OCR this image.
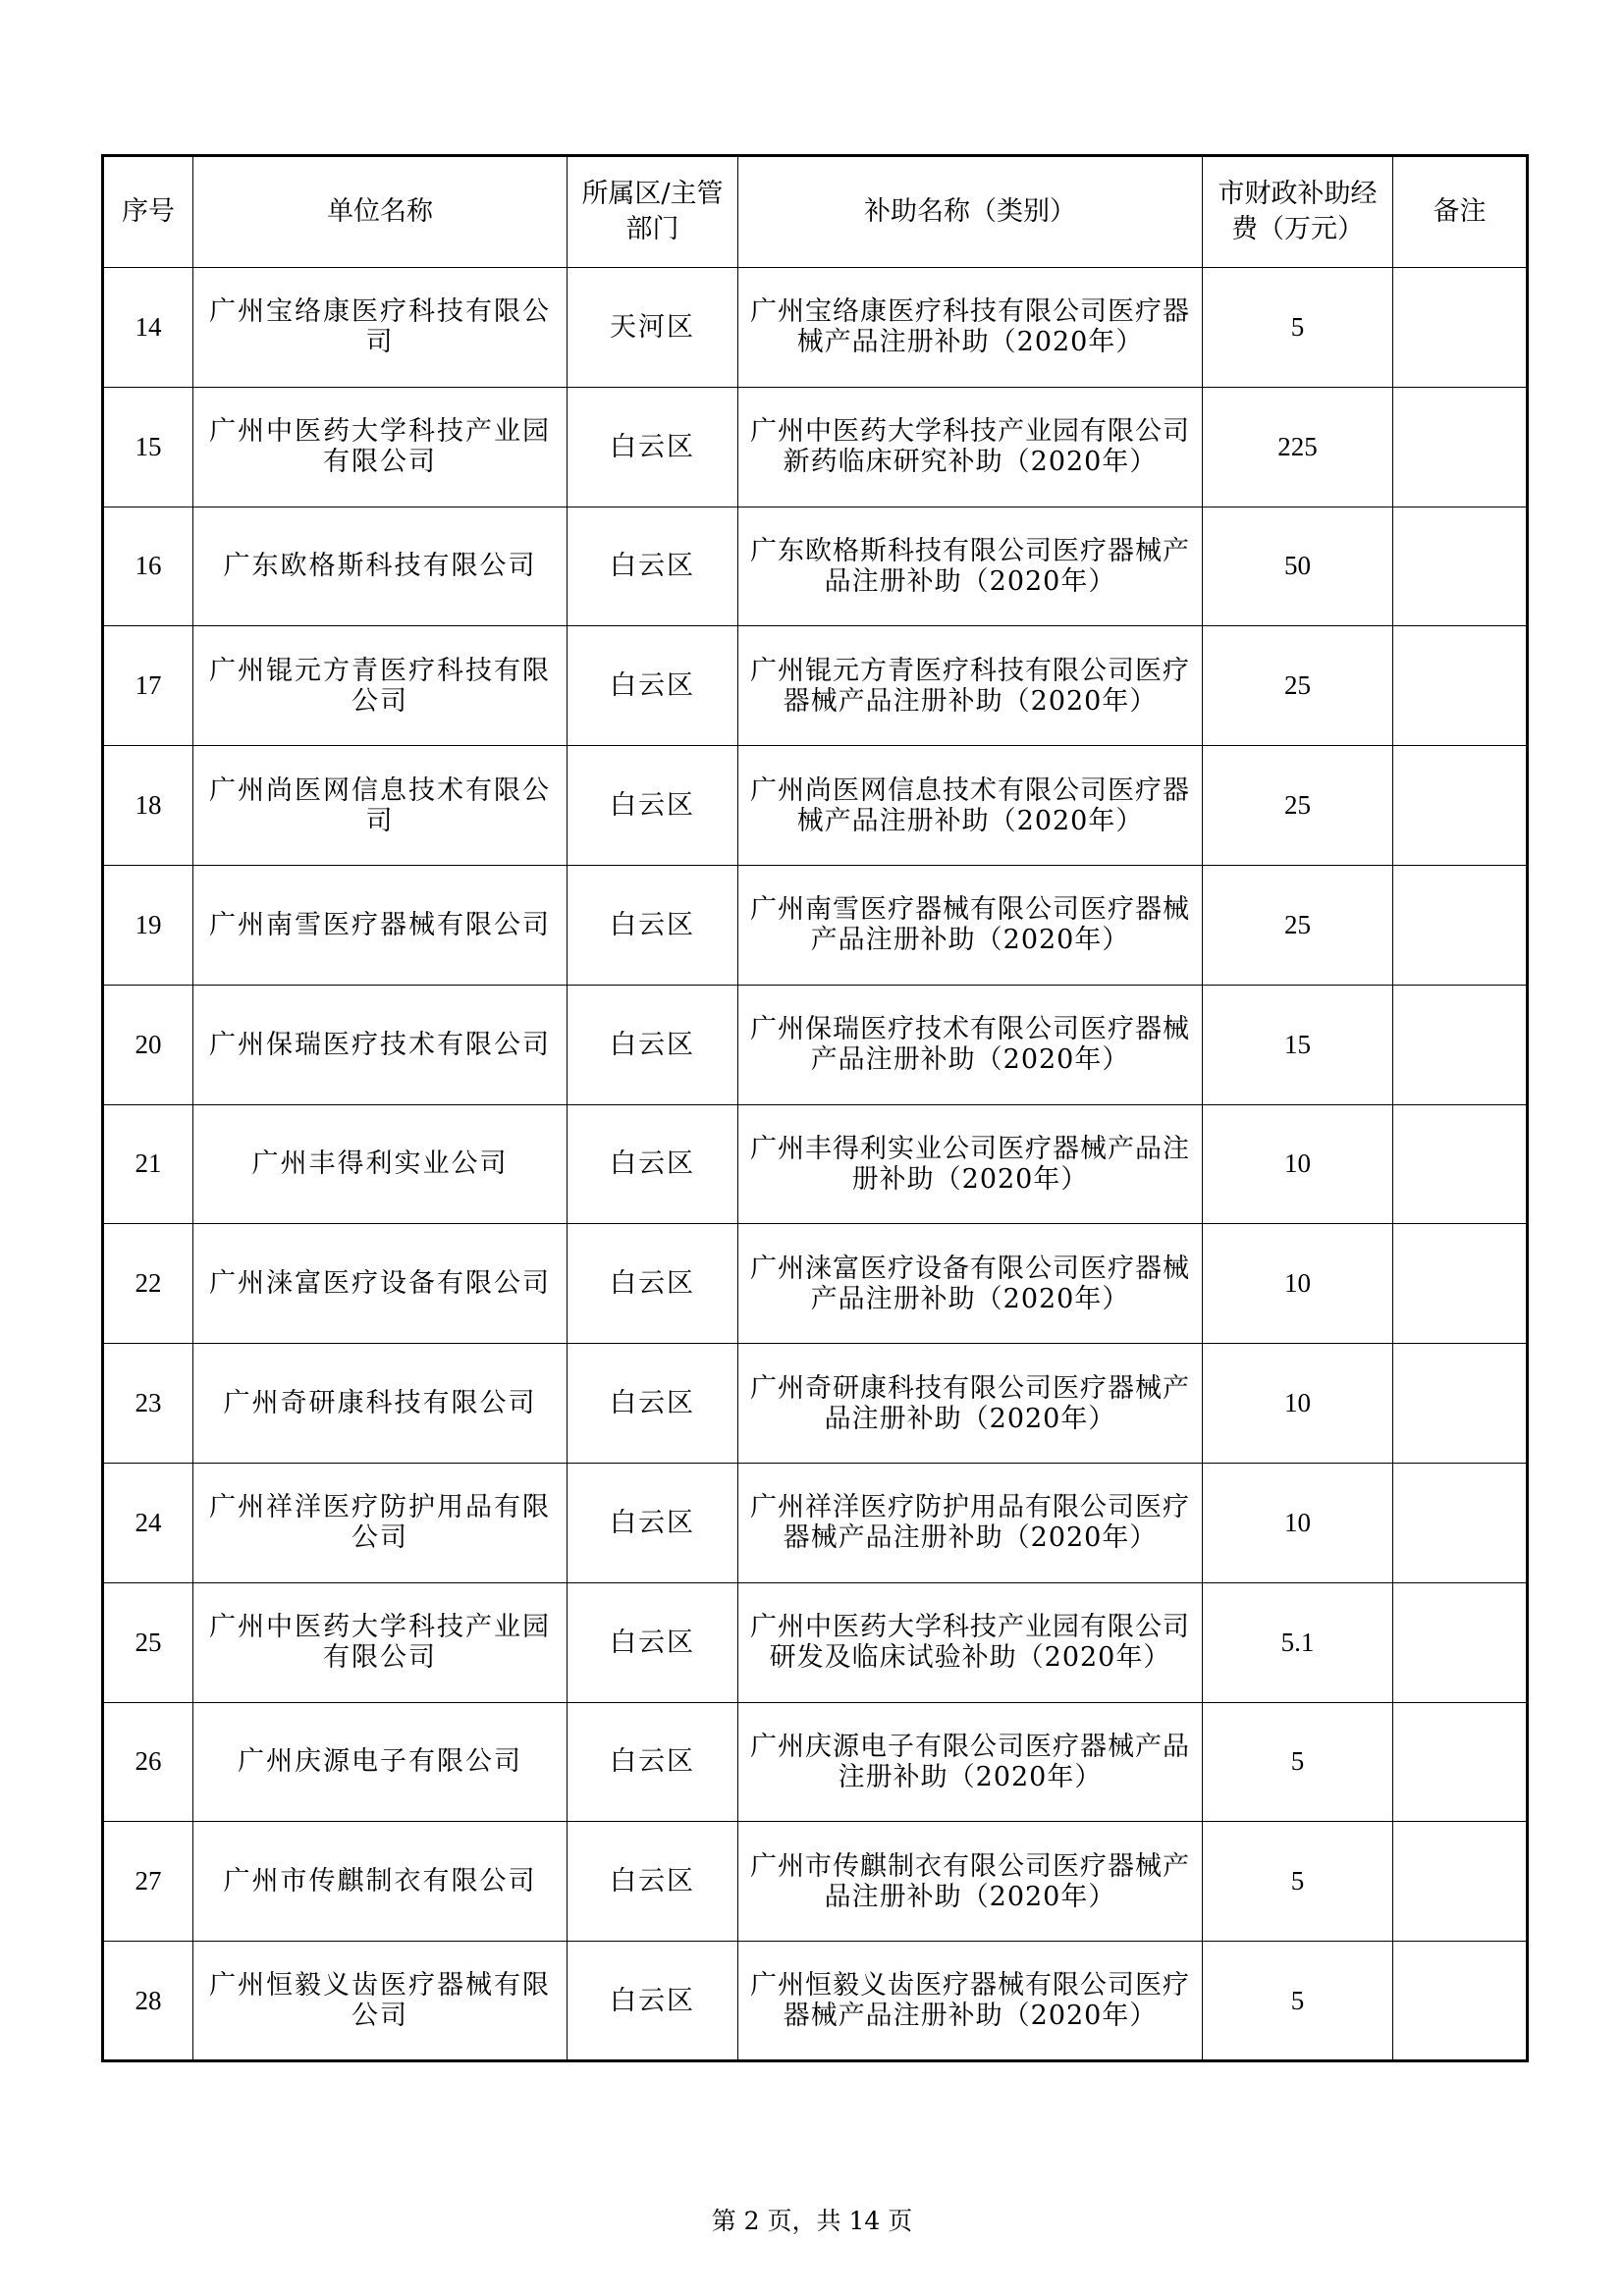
序号	单位名称	所属区/主管部门	补助名称（类别）	市财政补助经费（万元）	备注
14	广州宝络康医疗科技有限公司	天河区	广州宝络康医疗科技有限公司医疗器械产品注册补助（2020年）	5	
15	广州中医药大学科技产业园有限公司	白云区	广州中医药大学科技产业园有限公司新药临床研究补助（2020年）	225	
16	广东欧格斯科技有限公司	白云区	广东欧格斯科技有限公司医疗器械产品注册补助（2020年）	50	
17	广州锟元方青医疗科技有限公司	白云区	广州锟元方青医疗科技有限公司医疗器械产品注册补助（2020年）	25	
18	广州尚医网信息技术有限公司	白云区	广州尚医网信息技术有限公司医疗器械产品注册补助（2020年）	25	
19	广州南雪医疗器械有限公司	白云区	广州南雪医疗器械有限公司医疗器械产品注册补助（2020年）	25	
20	广州保瑞医疗技术有限公司	白云区	广州保瑞医疗技术有限公司医疗器械产品注册补助（2020年）	15	
21	广州丰得利实业公司	白云区	广州丰得利实业公司医疗器械产品注册补助（2020年）	10	
22	广州涞富医疗设备有限公司	白云区	广州涞富医疗设备有限公司医疗器械产品注册补助（2020年）	10	
23	广州奇研康科技有限公司	白云区	广州奇研康科技有限公司医疗器械产品注册补助（2020年）	10	
24	广州祥洋医疗防护用品有限公司	白云区	广州祥洋医疗防护用品有限公司医疗器械产品注册补助（2020年）	10	
25	广州中医药大学科技产业园有限公司	白云区	广州中医药大学科技产业园有限公司研发及临床试验补助（2020年）	5.1	
26	广州庆源电子有限公司	白云区	广州庆源电子有限公司医疗器械产品注册补助（2020年）	5	
27	广州市传麒制衣有限公司	白云区	广州市传麒制衣有限公司医疗器械产品注册补助（2020年）	5	
28	广州恒毅义齿医疗器械有限公司	白云区	广州恒毅义齿医疗器械有限公司医疗器械产品注册补助（2020年）	5	
第 2 页，共 14 页
